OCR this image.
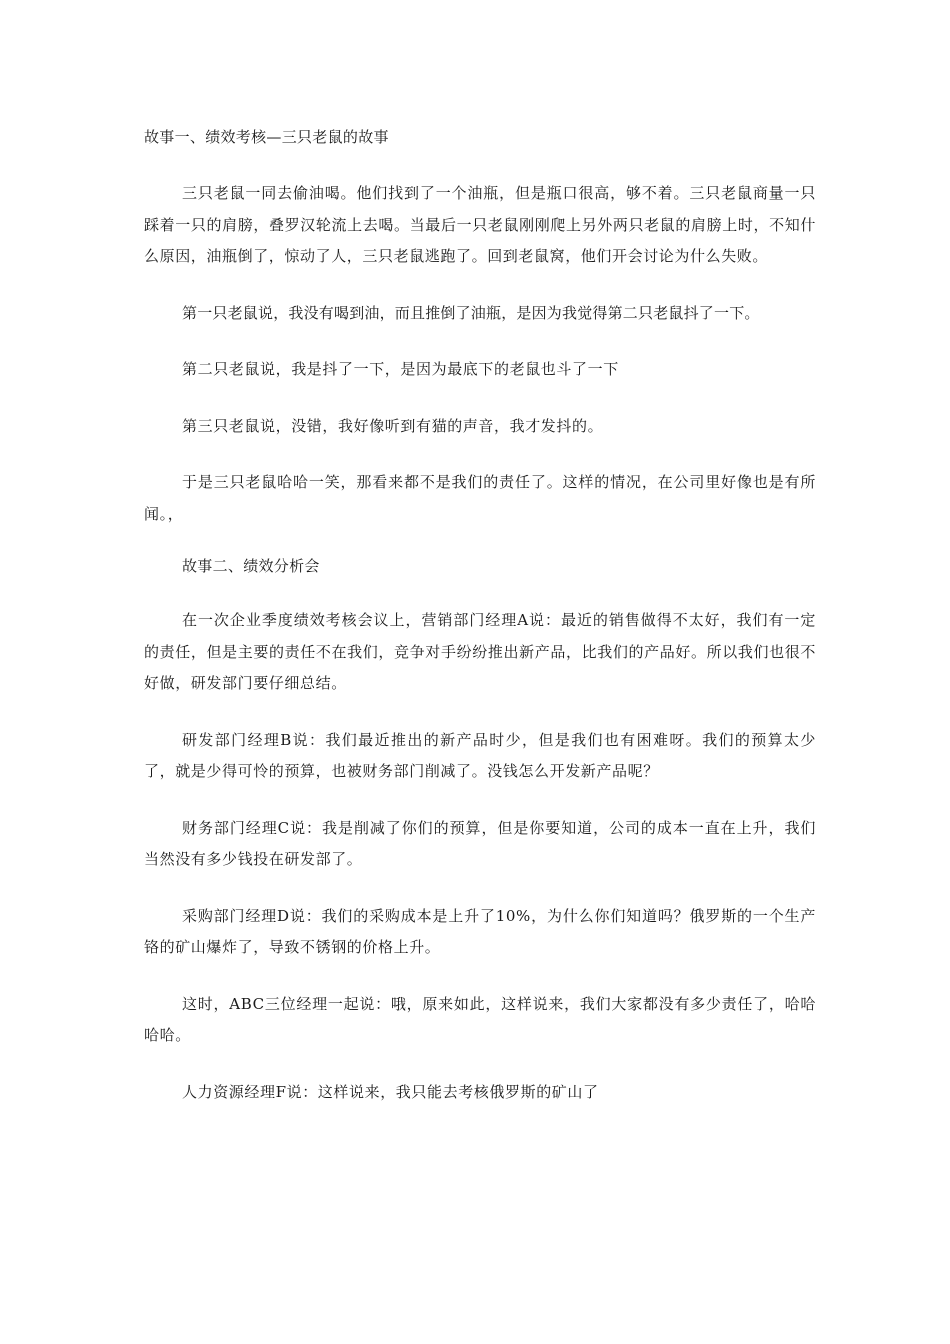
故事一、绩效考核—三只老鼠的故事

三只老鼠一同去偷油喝。他们找到了一个油瓶，但是瓶口很高，够不着。三只老鼠商量一只踩着一只的肩膀，叠罗汉轮流上去喝。当最后一只老鼠刚刚爬上另外两只老鼠的肩膀上时，不知什么原因，油瓶倒了，惊动了人，三只老鼠逃跑了。回到老鼠窝，他们开会讨论为什么失败。

第一只老鼠说，我没有喝到油，而且推倒了油瓶，是因为我觉得第二只老鼠抖了一下。

第二只老鼠说，我是抖了一下，是因为最底下的老鼠也斗了一下

第三只老鼠说，没错，我好像听到有猫的声音，我才发抖的。

于是三只老鼠哈哈一笑，那看来都不是我们的责任了。这样的情况，在公司里好像也是有所闻。，

故事二、绩效分析会

在一次企业季度绩效考核会议上，营销部门经理A说：最近的销售做得不太好，我们有一定的责任，但是主要的责任不在我们，竞争对手纷纷推出新产品，比我们的产品好。所以我们也很不好做，研发部门要仔细总结。

研发部门经理B说：我们最近推出的新产品时少，但是我们也有困难呀。我们的预算太少了，就是少得可怜的预算，也被财务部门削减了。没钱怎么开发新产品呢？

财务部门经理C说：我是削减了你们的预算，但是你要知道，公司的成本一直在上升，我们当然没有多少钱投在研发部了。

采购部门经理D说：我们的采购成本是上升了10%，为什么你们知道吗？俄罗斯的一个生产铬的矿山爆炸了，导致不锈钢的价格上升。

这时，ABC三位经理一起说：哦，原来如此，这样说来，我们大家都没有多少责任了，哈哈哈哈。

人力资源经理F说：这样说来，我只能去考核俄罗斯的矿山了
